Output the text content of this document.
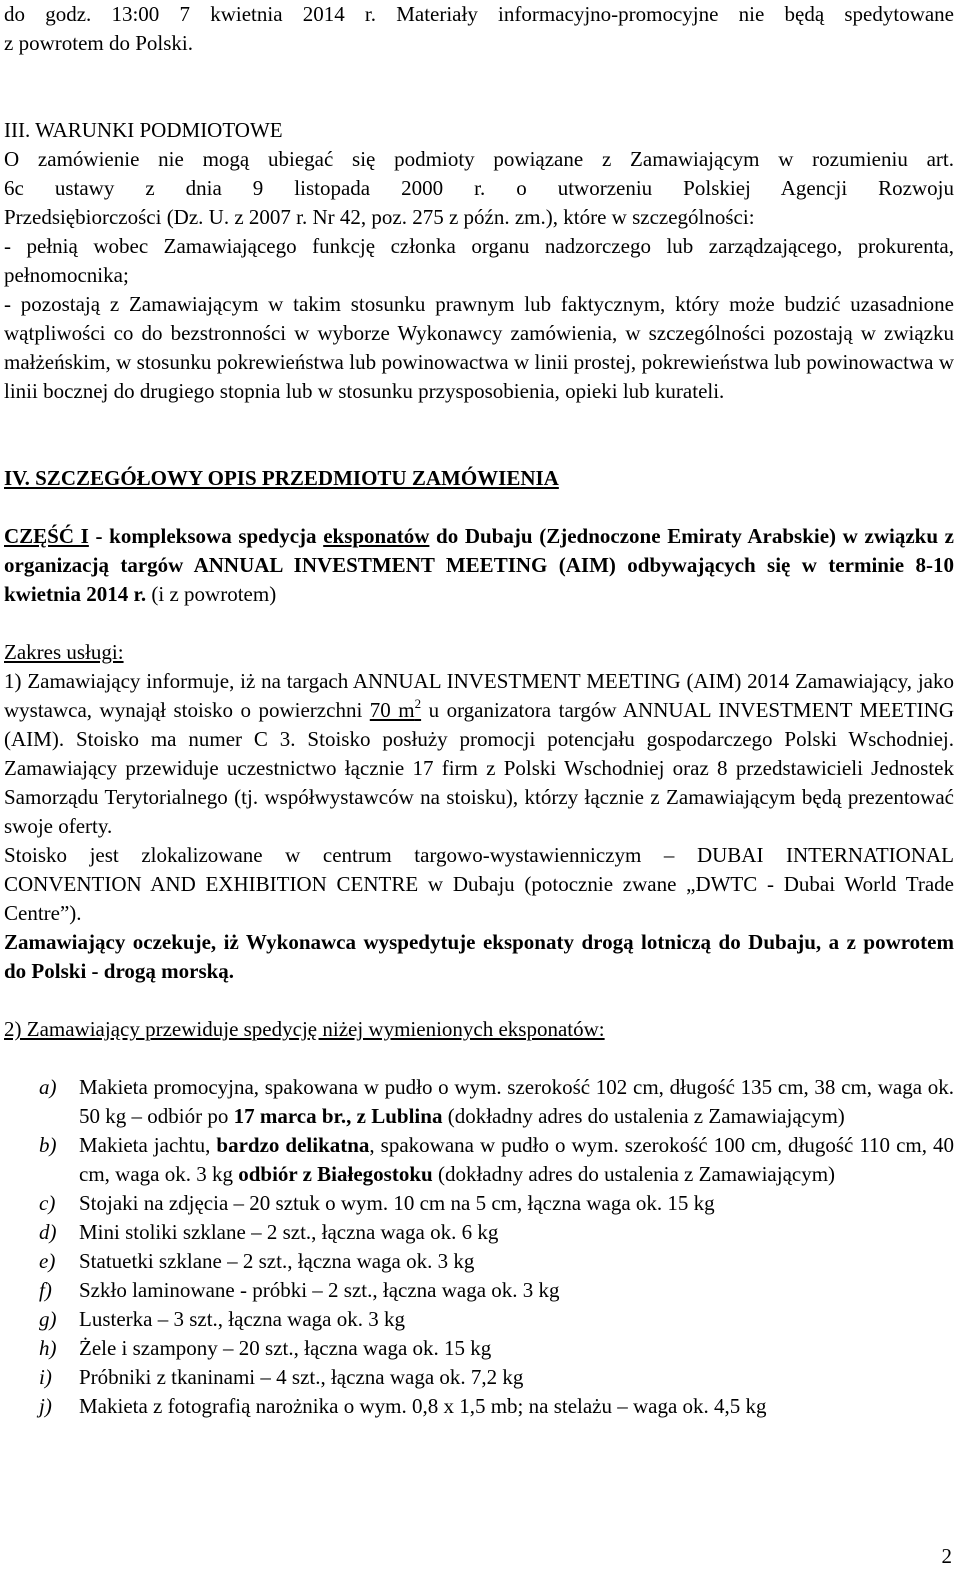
do godz. 13:00 7 kwietnia 2014 r. Materiały informacyjno-promocyjne nie będą spedytowane

z powrotem do Polski.

III. WARUNKI PODMIOTOWE

O zamówienie nie mogą ubiegać się podmioty powiązane z Zamawiającym w rozumieniu art.

6c ustawy z dnia 9 listopada 2000 r. o utworzeniu Polskiej Agencji Rozwoju

Przedsiębiorczości (Dz. U. z 2007 r. Nr 42, poz. 275 z późn. zm.), które w szczególności:

- pełnią wobec Zamawiającego funkcję członka organu nadzorczego lub zarządzającego, prokurenta, pełnomocnika;

- pozostają z Zamawiającym w takim stosunku prawnym lub faktycznym, który może budzić uzasadnione wątpliwości co do bezstronności w wyborze Wykonawcy zamówienia, w szczególności pozostają w związku małżeńskim, w stosunku pokrewieństwa lub powinowactwa w linii prostej, pokrewieństwa lub powinowactwa w linii bocznej do drugiego stopnia lub w stosunku przysposobienia, opieki lub kurateli.

IV. SZCZEGÓŁOWY OPIS PRZEDMIOTU ZAMÓWIENIA

CZĘŚĆ I - kompleksowa spedycja eksponatów do Dubaju (Zjednoczone Emiraty Arabskie) w związku z organizacją targów ANNUAL INVESTMENT MEETING (AIM) odbywających się w terminie 8-10 kwietnia 2014 r. (i z powrotem)

Zakres usługi:

1) Zamawiający informuje, iż na targach ANNUAL INVESTMENT MEETING (AIM) 2014 Zamawiający, jako wystawca, wynajął stoisko o powierzchni 70 $m^2$ u organizatora targów ANNUAL INVESTMENT MEETING (AIM). Stoisko ma numer C 3. Stoisko posłuży promocji potencjału gospodarczego Polski Wschodniej. Zamawiający przewiduje uczestnictwo łącznie 17 firm z Polski Wschodniej oraz 8 przedstawicieli Jednostek Samorządu Terytorialnego (tj. współwystawców na stoisku), którzy łącznie z Zamawiającym będą prezentować swoje oferty.

Stoisko jest zlokalizowane w centrum targowo-wystawienniczym – DUBAI INTERNATIONAL CONVENTION AND EXHIBITION CENTRE w Dubaju (potocznie zwane „DWTC - Dubai World Trade Centre”).

Zamawiający oczekuje, iż Wykonawca wyspedytuje eksponaty drogą lotniczą do Dubaju, a z powrotem do Polski - drogą morską.

2) Zamawiający przewiduje spedycję niżej wymienionych eksponatów:

a) Makieta promocyjna, spakowana w pudło o wym. szerokość 102 cm, długość 135 cm, 38 cm, waga ok. 50 kg – odbiór po 17 marca br., z Lublina (dokładny adres do ustalenia z Zamawiającym)
b) Makieta jachtu, bardzo delikatna, spakowana w pudło o wym. szerokość 100 cm, długość 110 cm, 40 cm, waga ok. 3 kg odbiór z Białegostoku (dokładny adres do ustalenia z Zamawiającym)
c) Stojaki na zdjęcia – 20 sztuk o wym. 10 cm na 5 cm, łączna waga ok. 15 kg
d) Mini stoliki szklane – 2 szt., łączna waga ok. 6 kg
e) Statuetki szklane – 2 szt., łączna waga ok. 3 kg
f) Szkło laminowane - próbki – 2 szt., łączna waga ok. 3 kg
g) Lusterka – 3 szt., łączna waga ok. 3 kg
h) Żele i szampony – 20 szt., łączna waga ok. 15 kg
i) Próbniki z tkaninami – 4 szt., łączna waga ok. 7,2 kg
j) Makieta z fotografią narożnika o wym. 0,8 x 1,5 mb; na stelażu – waga ok. 4,5 kg
2
